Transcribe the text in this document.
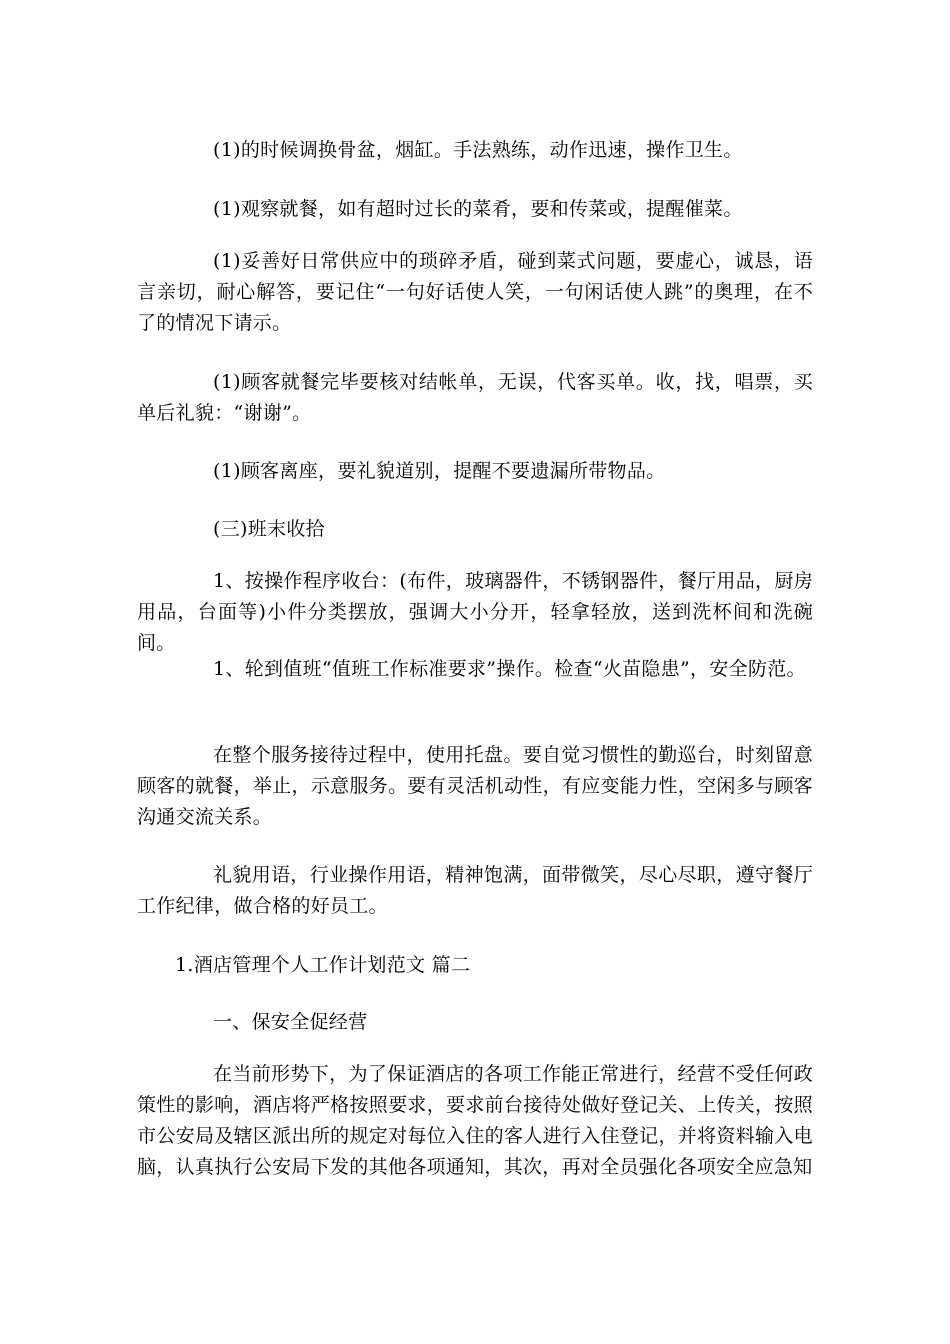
(1)的时候调换骨盆，烟缸。手法熟练，动作迅速，操作卫生。

(1)观察就餐，如有超时过长的菜肴，要和传菜或，提醒催菜。

(1)妥善好日常供应中的琐碎矛盾，碰到菜式问题，要虚心，诚恳，语言亲切，耐心解答，要记住“一句好话使人笑，一句闲话使人跳”的奥理，在不了的情况下请示。

(1)顾客就餐完毕要核对结帐单，无误，代客买单。收，找，唱票，买单后礼貌：“谢谢”。

(1)顾客离座，要礼貌道别，提醒不要遗漏所带物品。

(三)班末收拾

1、按操作程序收台：(布件，玻璃器件，不锈钢器件，餐厅用品，厨房用品，台面等)小件分类摆放，强调大小分开，轻拿轻放，送到洗杯间和洗碗间。

1、轮到值班“值班工作标准要求”操作。检查“火苗隐患”，安全防范。

在整个服务接待过程中，使用托盘。要自觉习惯性的勤巡台，时刻留意顾客的就餐，举止，示意服务。要有灵活机动性，有应变能力性，空闲多与顾客沟通交流关系。

礼貌用语，行业操作用语，精神饱满，面带微笑，尽心尽职，遵守餐厅工作纪律，做合格的好员工。

1.酒店管理个人工作计划范文 篇二

一、保安全促经营

在当前形势下，为了保证酒店的各项工作能正常进行，经营不受任何政策性的影响，酒店将严格按照要求，要求前台接待处做好登记关、上传关，按照市公安局及辖区派出所的规定对每位入住的客人进行入住登记，并将资料输入电脑，认真执行公安局下发的其他各项通知，其次，再对全员强化各项安全应急知
